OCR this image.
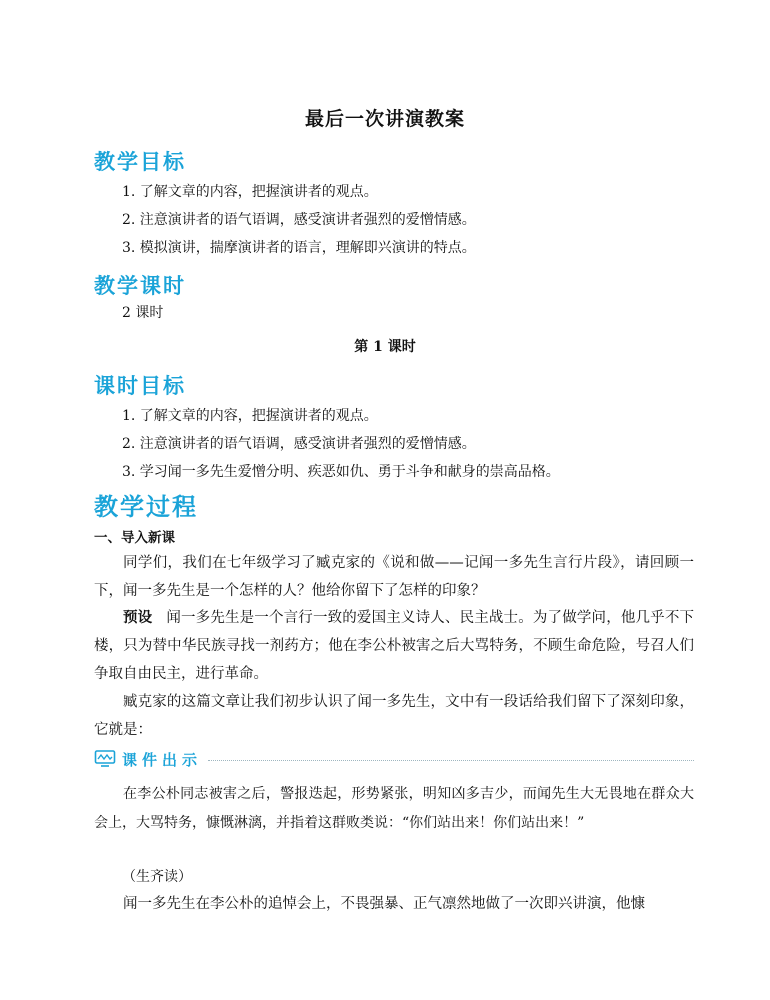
最后一次讲演教案
教学目标
1. 了解文章的内容，把握演讲者的观点。
2. 注意演讲者的语气语调，感受演讲者强烈的爱憎情感。
3. 模拟演讲，揣摩演讲者的语言，理解即兴演讲的特点。
教学课时
2 课时
第 1 课时
课时目标
1. 了解文章的内容，把握演讲者的观点。
2. 注意演讲者的语气语调，感受演讲者强烈的爱憎情感。
3. 学习闻一多先生爱憎分明、疾恶如仇、勇于斗争和献身的崇高品格。
教学过程
一、导入新课
同学们，我们在七年级学习了臧克家的《说和做——记闻一多先生言行片段》，请回顾一下，闻一多先生是一个怎样的人？他给你留下了怎样的印象？
预设 闻一多先生是一个言行一致的爱国主义诗人、民主战士。为了做学问，他几乎不下楼，只为替中华民族寻找一剂药方；他在李公朴被害之后大骂特务，不顾生命危险，号召人们争取自由民主，进行革命。
臧克家的这篇文章让我们初步认识了闻一多先生，文中有一段话给我们留下了深刻印象，它就是：
课件出示
在李公朴同志被害之后，警报迭起，形势紧张，明知凶多吉少，而闻先生大无畏地在群众大会上，大骂特务，慷慨淋漓，并指着这群败类说：“你们站出来！你们站出来！”
（生齐读）
闻一多先生在李公朴的追悼会上，不畏强暴、正气凛然地做了一次即兴讲演，他慷
